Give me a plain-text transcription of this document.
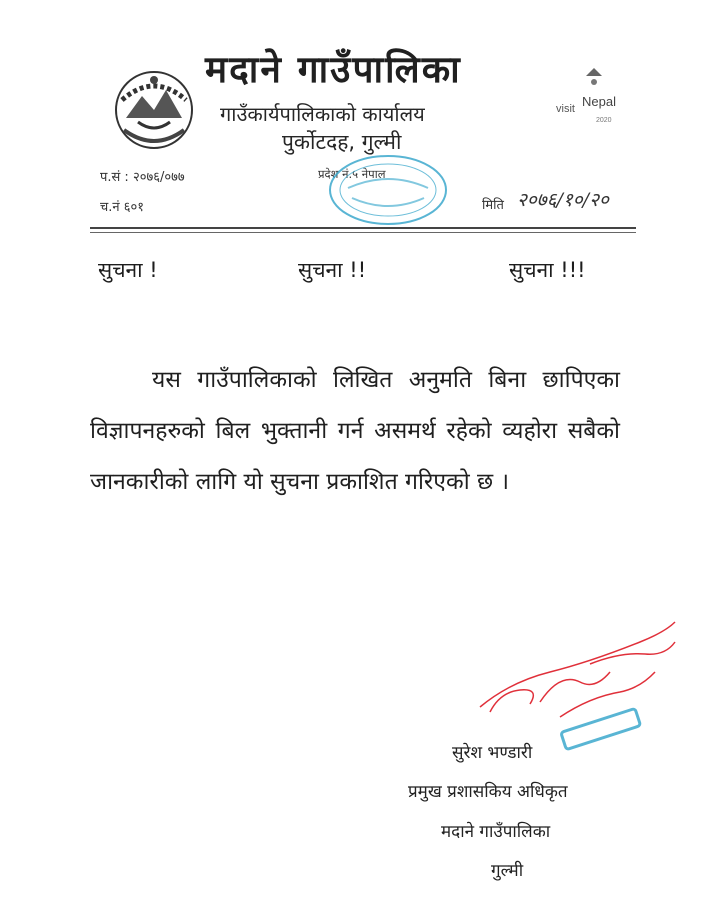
visit Nepal
2020
मदाने गाउँपालिका
गाउँकार्यपालिकाको कार्यालय
पुर्कोटदह, गुल्मी
प.सं : २०७६/०७७
च.नं ६०१
प्रदेश नं.५ नेपाल
मिति २०७६/१०/२०
सुचना !	सुचना !!	सुचना !!!
यस गाउँपालिकाको लिखित अनुमति बिना छापिएका विज्ञापनहरुको बिल भुक्तानी गर्न असमर्थ रहेको व्यहोरा सबैको जानकारीको लागि यो सुचना प्रकाशित गरिएको छ ।
सुरेश भण्डारी
प्रमुख प्रशासकिय अधिकृत
मदाने गाउँपालिका
गुल्मी
